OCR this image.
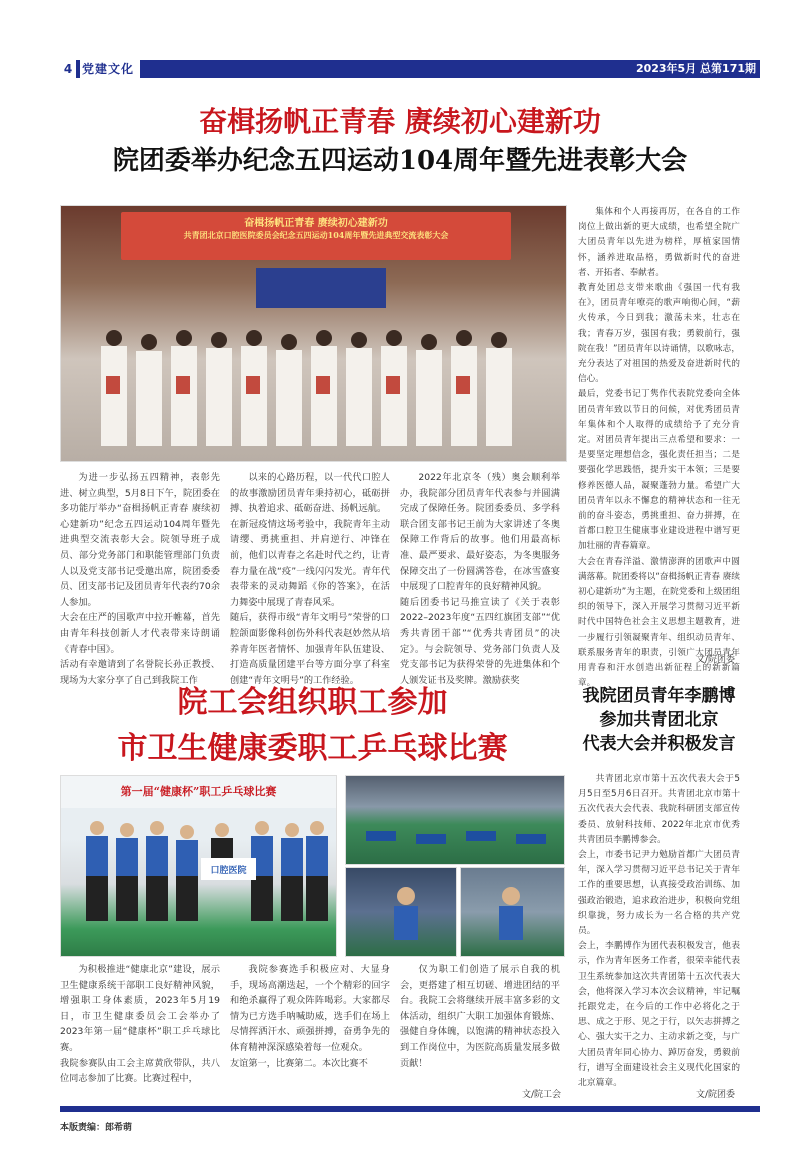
4 党建文化	2023年5月 总第171期
奋楫扬帆正青春 赓续初心建新功
院团委举办纪念五四运动104周年暨先进表彰大会
奋楫扬帆正青春 赓续初心建新功
共青团北京口腔医院委员会纪念五四运动104周年暨先进典型交流表彰大会

为进一步弘扬五四精神，表彰先进、树立典型，5月8日下午，院团委在多功能厅举办“奋楫扬帆正青春 赓续初心建新功”纪念五四运动104周年暨先进典型交流表彰大会。院领导班子成员、部分党务部门和职能管理部门负责人以及党支部书记受邀出席，院团委委员、团支部书记及团员青年代表约70余人参加。
大会在庄严的国歌声中拉开帷幕，首先由青年科技创新人才代表带来诗朗诵《青春中国》。
活动有幸邀请到了名誉院长孙正教授、现场为大家分享了自己到我院工作

以来的心路历程，以一代代口腔人的故事激励团员青年秉持初心，砥砺拼搏、执着追求、砥砺奋进、扬帆远航。
在新冠疫情这场考验中，我院青年主动请缨、勇挑重担、并肩逆行、冲锋在前，他们以青春之名赴时代之约，让青春力量在战“疫”一线闪闪发光。青年代表带来的灵动舞蹈《你的答案》，在活力舞姿中展现了青春风采。
随后，获得市级“青年文明号”荣誉的口腔颌面影像科创伤外科代表赵妙然从培养青年医者情怀、加强青年队伍建设、打造高质量团建平台等方面分享了科室创建“青年文明号”的工作经验。

2022年北京冬（残）奥会顺利举办，我院部分团员青年代表参与并圆满完成了保障任务。院团委委员、多学科联合团支部书记王前为大家讲述了冬奥保障工作背后的故事。他们用最高标准、最严要求、最好姿态，为冬奥服务保障交出了一份圆满答卷，在冰雪盛宴中展现了口腔青年的良好精神风貌。
随后团委书记马推宣读了《关于表彰2022–2023年度“五四红旗团支部”“优秀共青团干部”“优秀共青团员”的决定》。与会院领导、党务部门负责人及党支部书记为获得荣誉的先进集体和个人颁发证书及奖牌。激励获奖

集体和个人再接再厉，在各自的工作岗位上做出新的更大成绩，也希望全院广大团员青年以先进为榜样，厚植家国情怀，涵养进取品格，勇做新时代的奋进者、开拓者、奉献者。
教育处团总支带来歌曲《强国一代有我在》，团员青年嘹亮的歌声响彻心间，“薪火传承，今日到我；激荡未来，壮志在我；青春万岁，强国有我；勇毅前行，强院在我！”团员青年以诗诵情，以歌咏志，充分表达了对祖国的热爱及奋进新时代的信心。
最后，党委书记丁隽作代表院党委向全体团员青年致以节日的问候，对优秀团员青年集体和个人取得的成绩给予了充分肯定。对团员青年提出三点希望和要求：一是要坚定理想信念，强化责任担当；二是要强化学思践悟，提升实干本领；三是要修养医德人品，凝聚蓬勃力量。希望广大团员青年以永不懈怠的精神状态和一往无前的奋斗姿态，勇挑重担、奋力拼搏，在首都口腔卫生健康事业建设进程中谱写更加壮丽的青春篇章。
大会在青春洋溢、激情澎湃的团歌声中圆满落幕。院团委将以“奋楫扬帆正青春 赓续初心建新功”为主题，在院党委和上级团组织的领导下，深入开展学习贯彻习近平新时代中国特色社会主义思想主题教育，进一步履行引领凝聚青年、组织动员青年、联系服务青年的职责，引领广大团员青年用青春和汗水创造出新征程上的新新篇章。

文/院团委
院工会组织职工参加
市卫生健康委职工乒乓球比赛
第一届“健康杯”职工乒乓球比赛
口腔医院

为积极推进“健康北京”建设，展示卫生健康系统干部职工良好精神风貌，增强职工身体素质，2023年5月19日，市卫生健康委员会工会举办了2023年第一届“健康杯”职工乒乓球比赛。
我院参赛队由工会主席黄欣带队，共八位同志参加了比赛。比赛过程中，

我院参赛选手积极应对、大显身手，现场高潮迭起，一个个精彩的回字和绝杀赢得了观众阵阵喝彩。大家都尽情为已方选手呐喊助威，选手们在场上尽情挥洒汗水、顽强拼搏，奋勇争先的体育精神深深感染着每一位观众。
友谊第一，比赛第二。本次比赛不

仅为职工们创造了展示自我的机会，更搭建了相互切磋、增进团结的平台。我院工会将继续开展丰富多彩的文体活动，组织广大职工加强体育锻炼、强健自身体魄，以饱满的精神状态投入到工作岗位中，为医院高质量发展多做贡献！

文/院工会
我院团员青年李鹏博
参加共青团北京
代表大会并积极发言

共青团北京市第十五次代表大会于5月5日至5月6日召开。共青团北京市第十五次代表大会代表、我院科研团支部宣传委员、放射科技师、2022年北京市优秀共青团员李鹏博参会。
会上，市委书记尹力勉励首都广大团员青年，深入学习贯彻习近平总书记关于青年工作的重要思想，认真接受政治训练、加强政治锻造，追求政治进步，积极向党组织靠拢，努力成长为一名合格的共产党员。
会上，李鹏博作为团代表积极发言，他表示，作为青年医务工作者，很荣幸能代表卫生系统参加这次共青团第十五次代表大会，他将深入学习本次会议精神，牢记嘱托跟党走，在今后的工作中必将化之于思、成之于形、见之于行，以矢志拼搏之心、强大实干之力、主动求新之变，与广大团员青年同心协力、踔厉奋发，勇毅前行，谱写全面建设社会主义现代化国家的北京篇章。

文/院团委
本版责编：郎希萌
